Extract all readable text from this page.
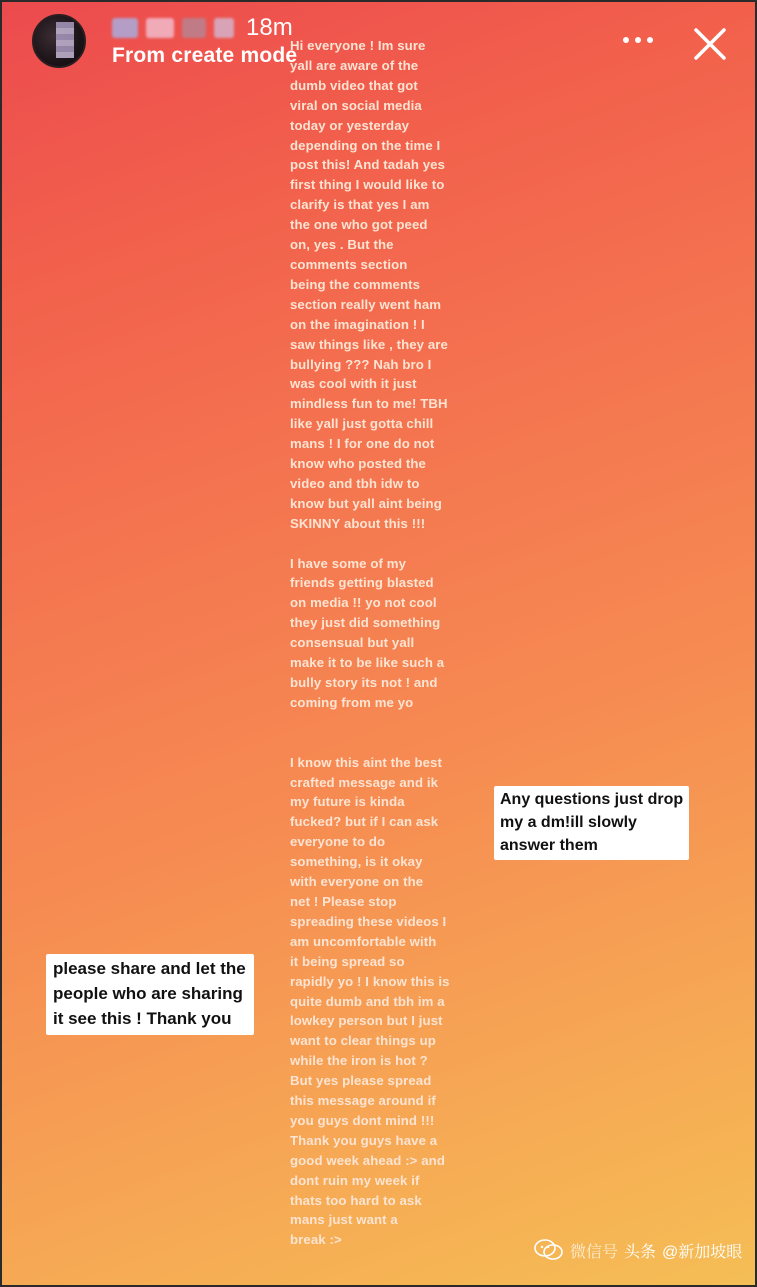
18m
From create mode
Hi everyone ! Im sure
yall are aware of the
dumb video that got
viral on social media
today or yesterday
depending on the time I
post this! And tadah yes
first thing I would like to
clarify is that yes I am
the one who got peed
on, yes . But the
comments section
being the comments
section really went ham
on the imagination ! I
saw things like , they are
bullying ??? Nah bro I
was cool with it just
mindless fun to me! TBH
like yall just gotta chill
mans ! I for one do not
know who posted the
video and tbh idw to
know but yall aint being
SKINNY about this !!!

I have some of my
friends getting blasted
on media !! yo not cool
they just did something
consensual but yall
make it to be like such a
bully story its not ! and
coming from me yo

I know this aint the best
crafted message and ik
my future is kinda
fucked? but if I can ask
everyone to do
something, is it okay
with everyone on the
net ! Please stop
spreading these videos I
am uncomfortable with
it being spread so
rapidly yo ! I know this is
quite dumb and tbh im a
lowkey person but I just
want to clear things up
while the iron is hot ?
But yes please spread
this message around if
you guys dont mind !!!
Thank you guys have a
good week ahead :> and
dont ruin my week if
thats too hard to ask
mans just want a
break :>
Any questions just drop
my a dm!ill slowly
answer them
please share and let the
people who are sharing
it see this ! Thank you
微信号 头条 @新加坡眼
